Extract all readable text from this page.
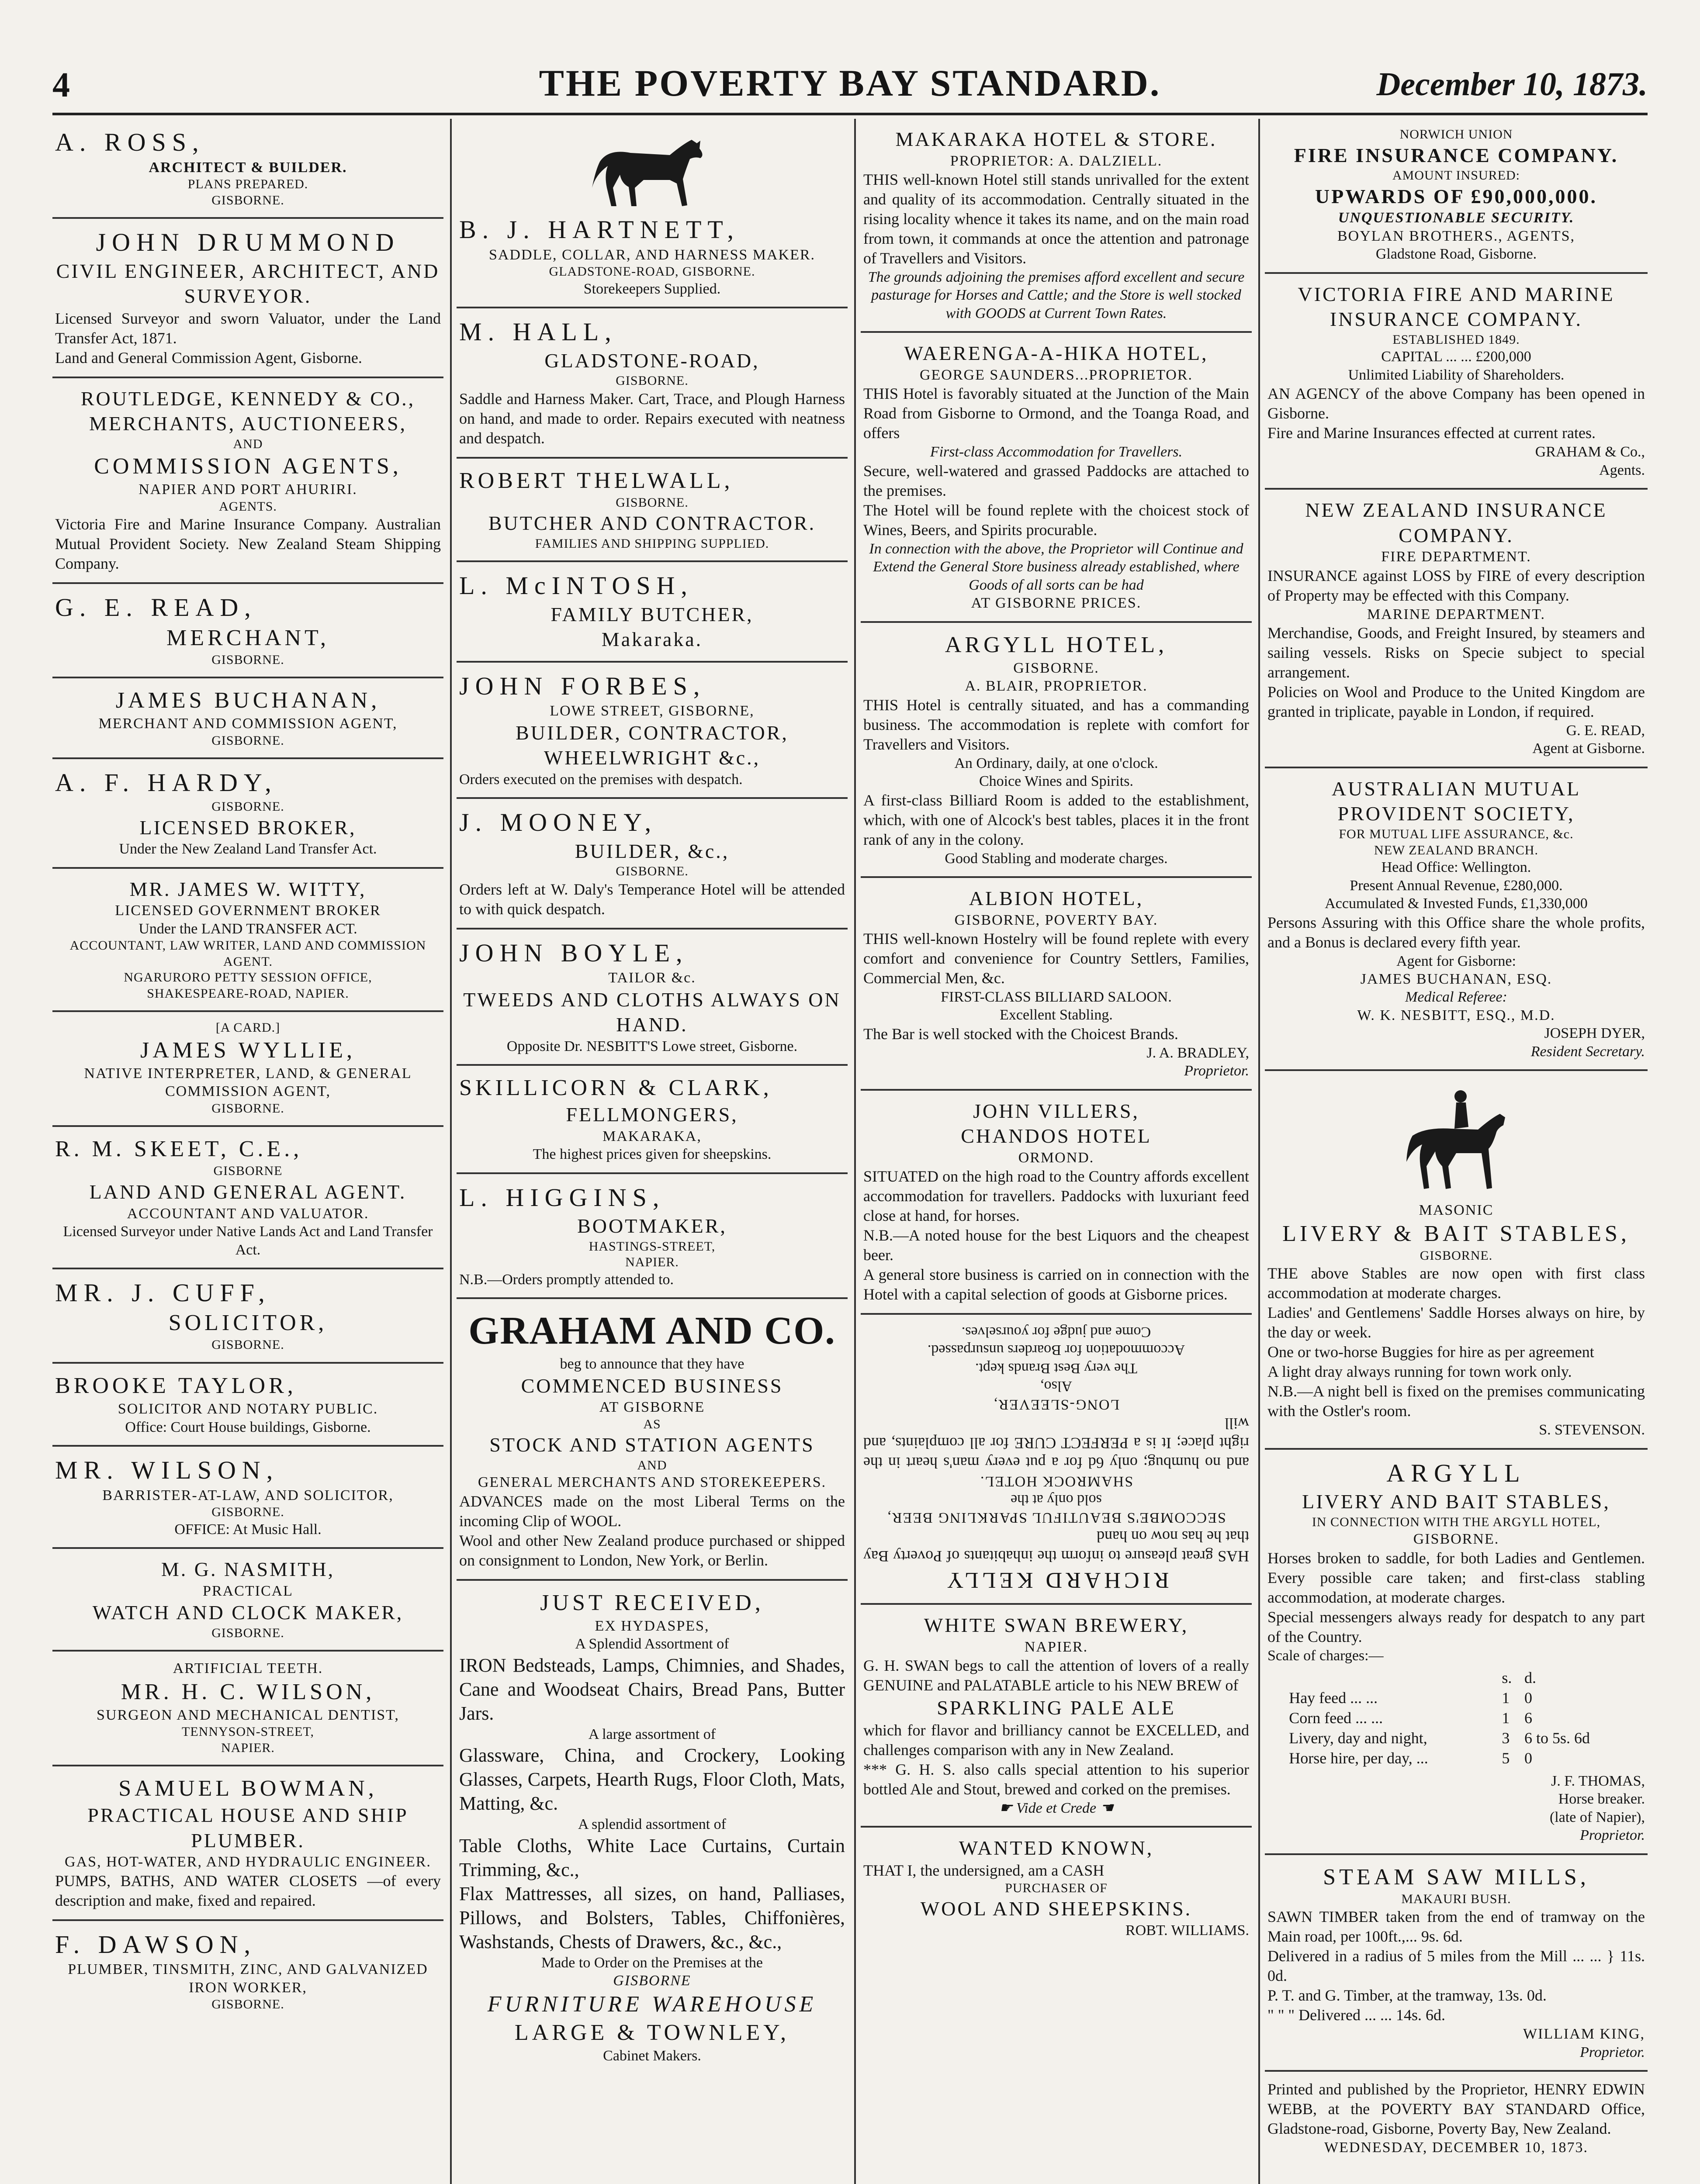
4	THE POVERTY BAY STANDARD.	December 10, 1873.
A. ROSS,
ARCHITECT & BUILDER.
PLANS PREPARED.
GISBORNE.
JOHN DRUMMOND
CIVIL ENGINEER, ARCHITECT, AND SURVEYOR.
Licensed Surveyor and sworn Valuator, under the Land Transfer Act, 1871.
Land and General Commission Agent, Gisborne.
ROUTLEDGE, KENNEDY & CO.,
MERCHANTS, AUCTIONEERS,
AND
COMMISSION AGENTS,
NAPIER AND PORT AHURIRI.
AGENTS.
Victoria Fire and Marine Insurance Company. Australian Mutual Provident Society. New Zealand Steam Shipping Company.
G. E. READ,
MERCHANT,
GISBORNE.
JAMES BUCHANAN,
MERCHANT AND COMMISSION AGENT,
GISBORNE.
A. F. HARDY,
GISBORNE.
LICENSED BROKER,
Under the New Zealand Land Transfer Act.
MR. JAMES W. WITTY,
LICENSED GOVERNMENT BROKER
Under the LAND TRANSFER ACT.
ACCOUNTANT, LAW WRITER, LAND AND COMMISSION AGENT.
NGARURORO PETTY SESSION OFFICE,
SHAKESPEARE-ROAD, NAPIER.
[A CARD.]
JAMES WYLLIE,
NATIVE INTERPRETER, LAND, & GENERAL COMMISSION AGENT,
GISBORNE.
R. M. SKEET, C.E.,
GISBORNE
LAND AND GENERAL AGENT.
ACCOUNTANT AND VALUATOR.
Licensed Surveyor under Native Lands Act and Land Transfer Act.
MR. J. CUFF,
SOLICITOR,
GISBORNE.
BROOKE TAYLOR,
SOLICITOR AND NOTARY PUBLIC.
Office: Court House buildings, Gisborne.
MR. WILSON,
BARRISTER-AT-LAW, AND SOLICITOR,
GISBORNE.
OFFICE: At Music Hall.
M. G. NASMITH,
PRACTICAL
WATCH AND CLOCK MAKER,
GISBORNE.
ARTIFICIAL TEETH.
MR. H. C. WILSON,
SURGEON AND MECHANICAL DENTIST,
TENNYSON-STREET,
NAPIER.
SAMUEL BOWMAN,
PRACTICAL HOUSE AND SHIP PLUMBER.
GAS, HOT-WATER, AND HYDRAULIC ENGINEER.
PUMPS, BATHS, AND WATER CLOSETS —of every description and make, fixed and repaired.
F. DAWSON,
PLUMBER, TINSMITH, ZINC, AND GALVANIZED IRON WORKER,
GISBORNE.
B. J. HARTNETT,
SADDLE, COLLAR, AND HARNESS MAKER.
GLADSTONE-ROAD, GISBORNE.
Storekeepers Supplied.
M. HALL,
GLADSTONE-ROAD,
GISBORNE.
Saddle and Harness Maker. Cart, Trace, and Plough Harness on hand, and made to order. Repairs executed with neatness and despatch.
ROBERT THELWALL,
GISBORNE.
BUTCHER AND CONTRACTOR.
FAMILIES AND SHIPPING SUPPLIED.
L. McINTOSH,
FAMILY BUTCHER,
Makaraka.
JOHN FORBES,
LOWE STREET, GISBORNE,
BUILDER, CONTRACTOR, WHEELWRIGHT &c.,
Orders executed on the premises with despatch.
J. MOONEY,
BUILDER, &c.,
GISBORNE.
Orders left at W. Daly's Temperance Hotel will be attended to with quick despatch.
JOHN BOYLE,
TAILOR &c.
TWEEDS AND CLOTHS ALWAYS ON HAND.
Opposite Dr. NESBITT'S Lowe street, Gisborne.
SKILLICORN & CLARK,
FELLMONGERS,
MAKARAKA,
The highest prices given for sheepskins.
L. HIGGINS,
BOOTMAKER,
HASTINGS-STREET,
NAPIER.
N.B.—Orders promptly attended to.
GRAHAM AND CO.
beg to announce that they have
COMMENCED BUSINESS
AT GISBORNE
AS
STOCK AND STATION AGENTS
AND
GENERAL MERCHANTS AND STOREKEEPERS.
ADVANCES made on the most Liberal Terms on the incoming Clip of WOOL.
Wool and other New Zealand produce purchased or shipped on consignment to London, New York, or Berlin.
JUST RECEIVED,
EX HYDASPES,
A Splendid Assortment of
IRON Bedsteads, Lamps, Chimnies, and Shades, Cane and Woodseat Chairs, Bread Pans, Butter Jars.
A large assortment of
Glassware, China, and Crockery, Looking Glasses, Carpets, Hearth Rugs, Floor Cloth, Mats, Matting, &c.
A splendid assortment of
Table Cloths, White Lace Curtains, Curtain Trimming, &c.,
Flax Mattresses, all sizes, on hand, Palliases, Pillows, and Bolsters, Tables, Chiffonières, Washstands, Chests of Drawers, &c., &c.,
Made to Order on the Premises at the
GISBORNE
FURNITURE WAREHOUSE
LARGE & TOWNLEY,
Cabinet Makers.
MAKARAKA HOTEL & STORE.
PROPRIETOR: A. DALZIELL.
THIS well-known Hotel still stands unrivalled for the extent and quality of its accommodation. Centrally situated in the rising locality whence it takes its name, and on the main road from town, it commands at once the attention and patronage of Travellers and Visitors.
The grounds adjoining the premises afford excellent and secure pasturage for Horses and Cattle; and the Store is well stocked with GOODS at Current Town Rates.
WAERENGA-A-HIKA HOTEL,
GEORGE SAUNDERS...PROPRIETOR.
THIS Hotel is favorably situated at the Junction of the Main Road from Gisborne to Ormond, and the Toanga Road, and offers
First-class Accommodation for Travellers.
Secure, well-watered and grassed Paddocks are attached to the premises.
The Hotel will be found replete with the choicest stock of Wines, Beers, and Spirits procurable.
In connection with the above, the Proprietor will Continue and Extend the General Store business already established, where Goods of all sorts can be had
AT GISBORNE PRICES.
ARGYLL HOTEL,
GISBORNE.
A. BLAIR, PROPRIETOR.
THIS Hotel is centrally situated, and has a commanding business. The accommodation is replete with comfort for Travellers and Visitors.
An Ordinary, daily, at one o'clock.
Choice Wines and Spirits.
A first-class Billiard Room is added to the establishment, which, with one of Alcock's best tables, places it in the front rank of any in the colony.
Good Stabling and moderate charges.
ALBION HOTEL,
GISBORNE, POVERTY BAY.
THIS well-known Hostelry will be found replete with every comfort and convenience for Country Settlers, Families, Commercial Men, &c.
FIRST-CLASS BILLIARD SALOON.
Excellent Stabling.
The Bar is well stocked with the Choicest Brands.
J. A. BRADLEY,
Proprietor.
JOHN VILLERS,
CHANDOS HOTEL
ORMOND.
SITUATED on the high road to the Country affords excellent accommodation for travellers. Paddocks with luxuriant feed close at hand, for horses.
N.B.—A noted house for the best Liquors and the cheapest beer.
A general store business is carried on in connection with the Hotel with a capital selection of goods at Gisborne prices.
RICHARD KELLY
HAS great pleasure to inform the inhabitants of Poverty Bay that he has now on hand
SECCOMBE'S BEAUTIFUL SPARKLING BEER,
sold only at the
SHAMROCK HOTEL.
and no humbug; only 6d for a put every man's heart in the right place; It is a PERFECT CURE for all complaints, and will
LONG-SLEEVER,
Also,
The very Best Brands kept.
Accommodation for Boarders unsurpassed.
Come and judge for yourselves.
WHITE SWAN BREWERY,
NAPIER.
G. H. SWAN begs to call the attention of lovers of a really GENUINE and PALATABLE article to his NEW BREW of
SPARKLING PALE ALE
which for flavor and brilliancy cannot be EXCELLED, and challenges comparison with any in New Zealand.
*** G. H. S. also calls special attention to his superior bottled Ale and Stout, brewed and corked on the premises.
☛ Vide et Crede ☚
WANTED KNOWN,
THAT I, the undersigned, am a CASH
PURCHASER OF
WOOL AND SHEEPSKINS.
ROBT. WILLIAMS.
NORWICH UNION
FIRE INSURANCE COMPANY.
AMOUNT INSURED:
UPWARDS OF £90,000,000.
UNQUESTIONABLE SECURITY.
BOYLAN BROTHERS., AGENTS,
Gladstone Road, Gisborne.
VICTORIA FIRE AND MARINE INSURANCE COMPANY.
ESTABLISHED 1849.
CAPITAL ... ... £200,000
Unlimited Liability of Shareholders.
AN AGENCY of the above Company has been opened in Gisborne.
Fire and Marine Insurances effected at current rates.
GRAHAM & Co.,
Agents.
NEW ZEALAND INSURANCE COMPANY.
FIRE DEPARTMENT.
INSURANCE against LOSS by FIRE of every description of Property may be effected with this Company.
MARINE DEPARTMENT.
Merchandise, Goods, and Freight Insured, by steamers and sailing vessels. Risks on Specie subject to special arrangement.
Policies on Wool and Produce to the United Kingdom are granted in triplicate, payable in London, if required.
G. E. READ,
Agent at Gisborne.
AUSTRALIAN MUTUAL PROVIDENT SOCIETY,
FOR MUTUAL LIFE ASSURANCE, &c.
NEW ZEALAND BRANCH.
Head Office: Wellington.
Present Annual Revenue, £280,000.
Accumulated & Invested Funds, £1,330,000
Persons Assuring with this Office share the whole profits, and a Bonus is declared every fifth year.
Agent for Gisborne:
JAMES BUCHANAN, ESQ.
Medical Referee:
W. K. NESBITT, ESQ., M.D.
JOSEPH DYER,
Resident Secretary.
MASONIC
LIVERY & BAIT STABLES,
GISBORNE.
THE above Stables are now open with first class accommodation at moderate charges.
Ladies' and Gentlemens' Saddle Horses always on hire, by the day or week.
One or two-horse Buggies for hire as per agreement
A light dray always running for town work only.
N.B.—A night bell is fixed on the premises communicating with the Ostler's room.
S. STEVENSON.
ARGYLL
LIVERY AND BAIT STABLES,
IN CONNECTION WITH THE ARGYLL HOTEL,
GISBORNE.
Horses broken to saddle, for both Ladies and Gentlemen. Every possible care taken; and first-class stabling accommodation, at moderate charges.
Special messengers always ready for despatch to any part of the Country.
Scale of charges:—
	s.	d.
Hay feed ... ...	1	0
Corn feed ... ...	1	6
Livery, day and night,	3	6 to 5s. 6d
Horse hire, per day, ...	5	0
J. F. THOMAS,
Horse breaker.
(late of Napier),
Proprietor.
STEAM SAW MILLS,
MAKAURI BUSH.
SAWN TIMBER taken from the end of tramway on the Main road, per 100ft.,... 9s. 6d.
Delivered in a radius of 5 miles from the Mill ... ... } 11s. 0d.
P. T. and G. Timber, at the tramway, 13s. 0d.
" " " Delivered ... ... 14s. 6d.
WILLIAM KING,
Proprietor.
Printed and published by the Proprietor, HENRY EDWIN WEBB, at the POVERTY BAY STANDARD Office, Gladstone-road, Gisborne, Poverty Bay, New Zealand.
WEDNESDAY, DECEMBER 10, 1873.
